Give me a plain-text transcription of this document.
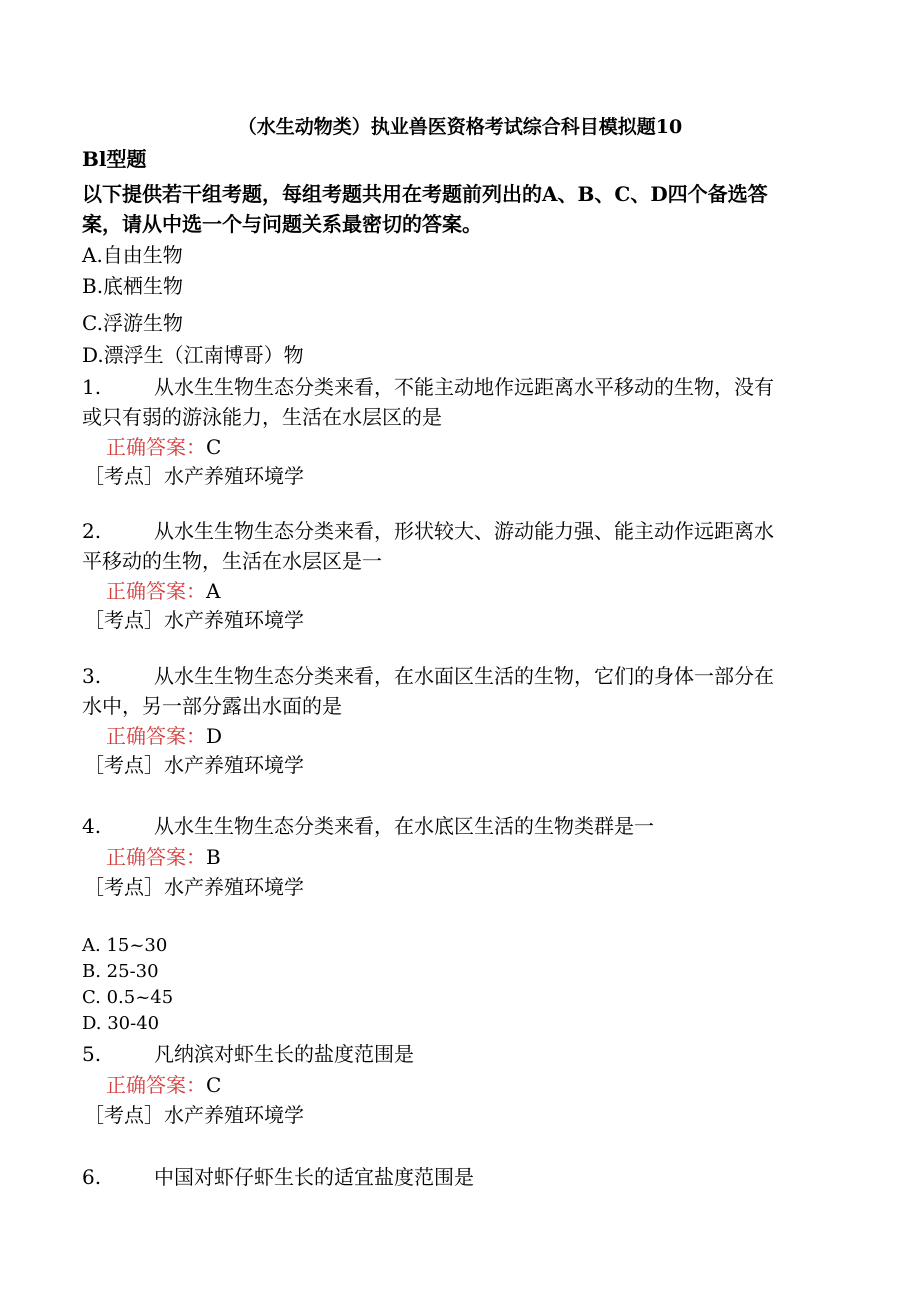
（水生动物类）执业兽医资格考试综合科目模拟题10
Bl型题
以下提供若干组考题，每组考题共用在考题前列出的A、B、C、D四个备选答
案，请从中选一个与问题关系最密切的答案。
A.自由生物
B.底栖生物
C.浮游生物
D.漂浮生（江南博哥）物
1.	从水生生物生态分类来看，不能主动地作远距离水平移动的生物，没有
或只有弱的游泳能力，生活在水层区的是
正确答案：C
［考点］水产养殖环境学
2.	从水生生物生态分类来看，形状较大、游动能力强、能主动作远距离水
平移动的生物，生活在水层区是一
正确答案：A
［考点］水产养殖环境学
3.	从水生生物生态分类来看，在水面区生活的生物，它们的身体一部分在
水中，另一部分露出水面的是
正确答案：D
［考点］水产养殖环境学
4.	从水生生物生态分类来看，在水底区生活的生物类群是一
正确答案：B
［考点］水产养殖环境学
A. 15~30
B. 25-30
C. 0.5~45
D. 30-40
5.	凡纳滨对虾生长的盐度范围是
正确答案：C
［考点］水产养殖环境学
6.	中国对虾仔虾生长的适宜盐度范围是
